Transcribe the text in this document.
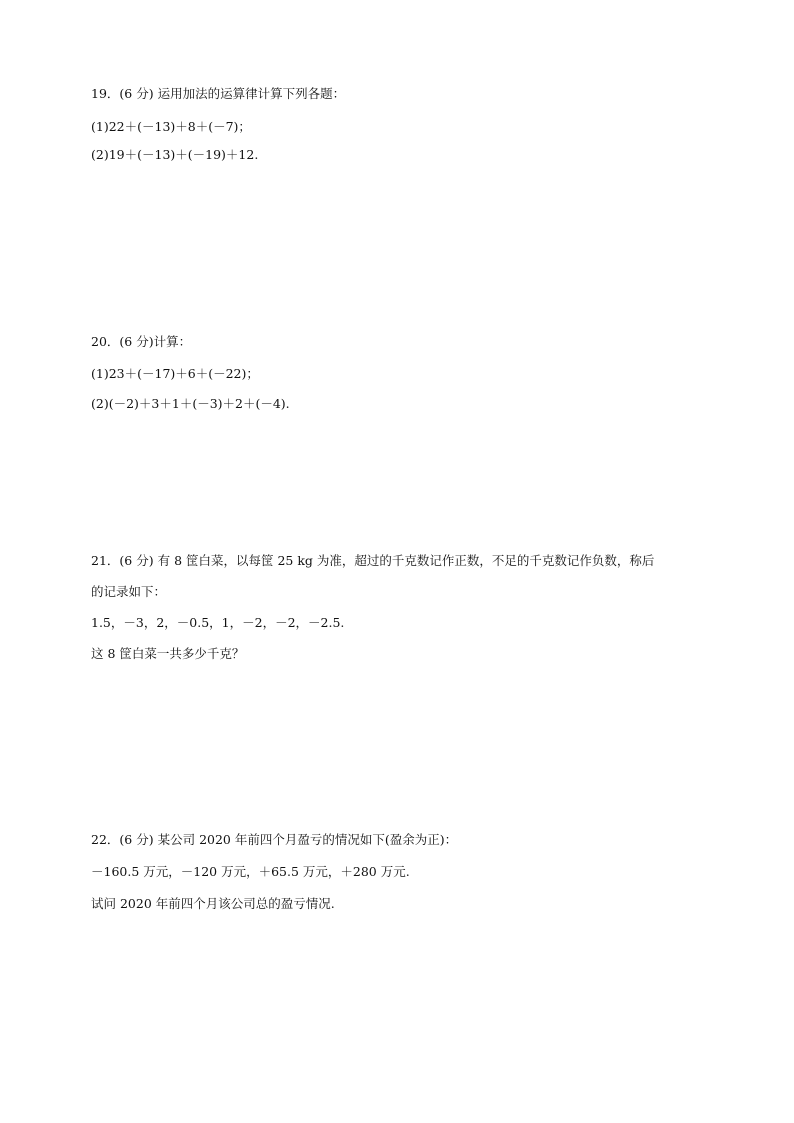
19．(6 分) 运用加法的运算律计算下列各题：
(1)22＋(－13)＋8＋(－7)；
(2)19＋(－13)＋(－19)＋12.
20．(6 分)计算：
(1)23＋(－17)＋6＋(－22)；
(2)(－2)＋3＋1＋(－3)＋2＋(－4).
21．(6 分) 有 8 筐白菜，以每筐 25 kg 为准，超过的千克数记作正数，不足的千克数记作负数，称后
的记录如下：
1.5，－3，2，－0.5，1，－2，－2，－2.5.
这 8 筐白菜一共多少千克？
22．(6 分) 某公司 2020 年前四个月盈亏的情况如下(盈余为正)：
－160.5 万元，－120 万元，＋65.5 万元，＋280 万元.
试问 2020 年前四个月该公司总的盈亏情况.
